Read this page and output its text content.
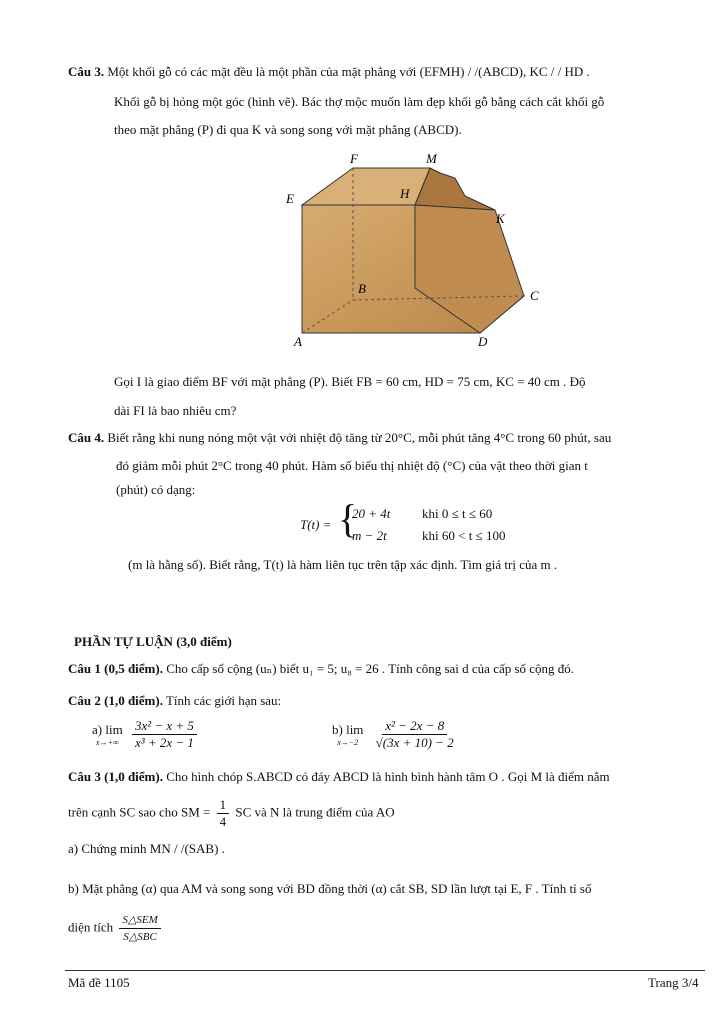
Câu 3. Một khối gỗ có các mặt đều là một phần của mặt phẳng với (EFMH) / /(ABCD), KC / / HD .
Khối gỗ bị hỏng một góc (hình vẽ). Bác thợ mộc muốn làm đẹp khối gỗ bằng cách cắt khối gỗ
theo mặt phẳng (P) đi qua K và song song với mặt phẳng (ABCD).
E
F	M
H
K
B	C
A	D
Gọi I là giao điểm BF với mặt phẳng (P). Biết FB = 60 cm, HD = 75 cm, KC = 40 cm . Độ
dài FI là bao nhiêu cm?
Câu 4. Biết rằng khi nung nóng một vật với nhiệt độ tăng từ 20°C, mỗi phút tăng 4°C trong 60 phút, sau
đó giảm mỗi phút 2°C trong 40 phút. Hàm số biểu thị nhiệt độ (°C) của vật theo thời gian t
(phút) có dạng:
T(t) = {
20 + 4t khi 0 ≤ t ≤ 60
m − 2t	khi 60 < t ≤ 100
(m là hằng số). Biết rằng, T(t) là hàm liên tục trên tập xác định. Tìm giá trị của m .
PHẦN TỰ LUẬN (3,0 điểm)
Câu 1 (0,5 điểm). Cho cấp số cộng (uₙ) biết u₁ = 5; u₈ = 26 . Tính công sai d của cấp số cộng đó.
Câu 2 (1,0 điểm). Tính các giới hạn sau:
a) lim
x→+∞
$\frac{\text{3x² − x + 5}}{\text{x³ + 2x − 1}}$	b) lim
x→−2
$\frac{\text{x² − 2x − 8}}{√(3x + 10) - 2}$
Câu 3 (1,0 điểm). Cho hình chóp S.ABCD có đáy ABCD là hình bình hành tâm O . Gọi M là điểm nằm
trên cạnh SC sao cho SM = $\frac{1}{4}$ SC và N là trung điểm của AO
a) Chứng minh MN / /(SAB) .
b) Mặt phẳng (α) qua AM và song song với BD đồng thời (α) cắt SB, SD lần lượt tại E, F . Tính tỉ số
diện tích $\frac{\text{S△SEM}}{\text{S△SBC}}$
Mã đề 1105	Trang 3/4
